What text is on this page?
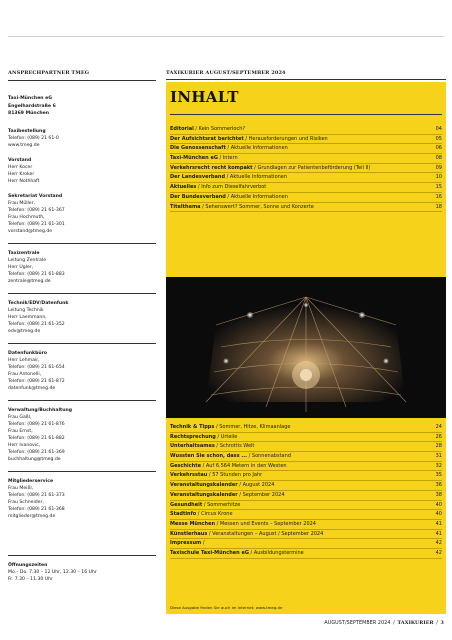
ANSPRECHPARTNER TMEG
Taxi-München eG
Engelhardstraße 6
81369 München
Taxibestellung
Telefon: (089) 21 61-0
www.tmeg.de
Vorstand
Herr Kocer
Herr Kroker
Herr Nothhaft
Sekretariat Vorstand
Frau Müller,
Telefon: (089) 21 61-367
Frau Hochmuth,
Telefon: (089) 21 61-301
vorstand@tmeg.de
Taxizentrale
Leitung Zentrale
Herr Ugler,
Telefon: (089) 21 61-883
zentrale@tmeg.de
Technik/EDV/Datenfunk
Leitung Technik
Herr Laemmann,
Telefon: (089) 21 61-352
edv@tmeg.de
Datenfunkbüro
Herr Lehmair,
Telefon: (089) 21 61-654
Frau Antonelli,
Telefon: (089) 21 61-872
datenfunk@tmeg.de
Verwaltung/Buchhaltung
Frau Gaßl,
Telefon: (089) 21 61-876
Frau Ernst,
Telefon: (089) 21 61-882
Herr Ivanovic,
Telefon: (089) 21 61-369
buchhaltung@tmeg.de
Mitgliederservice
Frau Meißl,
Telefon: (089) 21 61-373
Frau Schneider,
Telefon: (089) 21 61-368
mitglieder@tmeg.de
Öffnungszeiten
Mo.– Do. 7.30 – 12 Uhr, 12.30 – 16 Uhr
Fr. 7.30 – 11.30 Uhr
TAXIKURIER AUGUST/SEPTEMBER 2024
INHALT
Editorial / Kein Sommerloch?	04
Der Aufsichtsrat berichtet / Herausforderungen und Risiken	05
Die Genossenschaft / Aktuelle Informationen	06
Taxi-München eG / Intern	08
Verkehrsrecht recht kompakt / Grundlagen zur Patientenbeförderung (Teil II)	09
Der Landesverband / Aktuelle Informationen	10
Aktuelles / Info zum Dieselfahrverbot	15
Der Bundesverband / Aktuelle Informationen	16
Titelthema / Sehenswert? Sommer, Sonne und Konzerte	18
Technik & Tipps / Sommer, Hitze, Klimaanlage	24
Rechtsprechung / Urteile	26
Unterhaltsames / Schrottis Welt	28
Wussten Sie schon, dass ... / Sonnenabstand	31
Geschichte / Auf 6.564 Metern in den Westen	32
Verkehrsstau / 57 Stunden pro Jahr	35
Veranstaltungskalender / August 2024	36
Veranstaltungskalender / September 2024	38
Gesundheit / Sommerhitze	40
Stadtinfo / Circus Krone	40
Messe München / Messen und Events – September 2024	41
Künstlerhaus / Veranstaltungen – August / September 2024	41
Impressum /	42
Taxischule Taxi-München eG / Ausbildungstermine	42
Diese Ausgabe finden Sie auch im Internet: www.tmeg.de
AUGUST/SEPTEMBER 2024 / TAXIKURIER / 3
